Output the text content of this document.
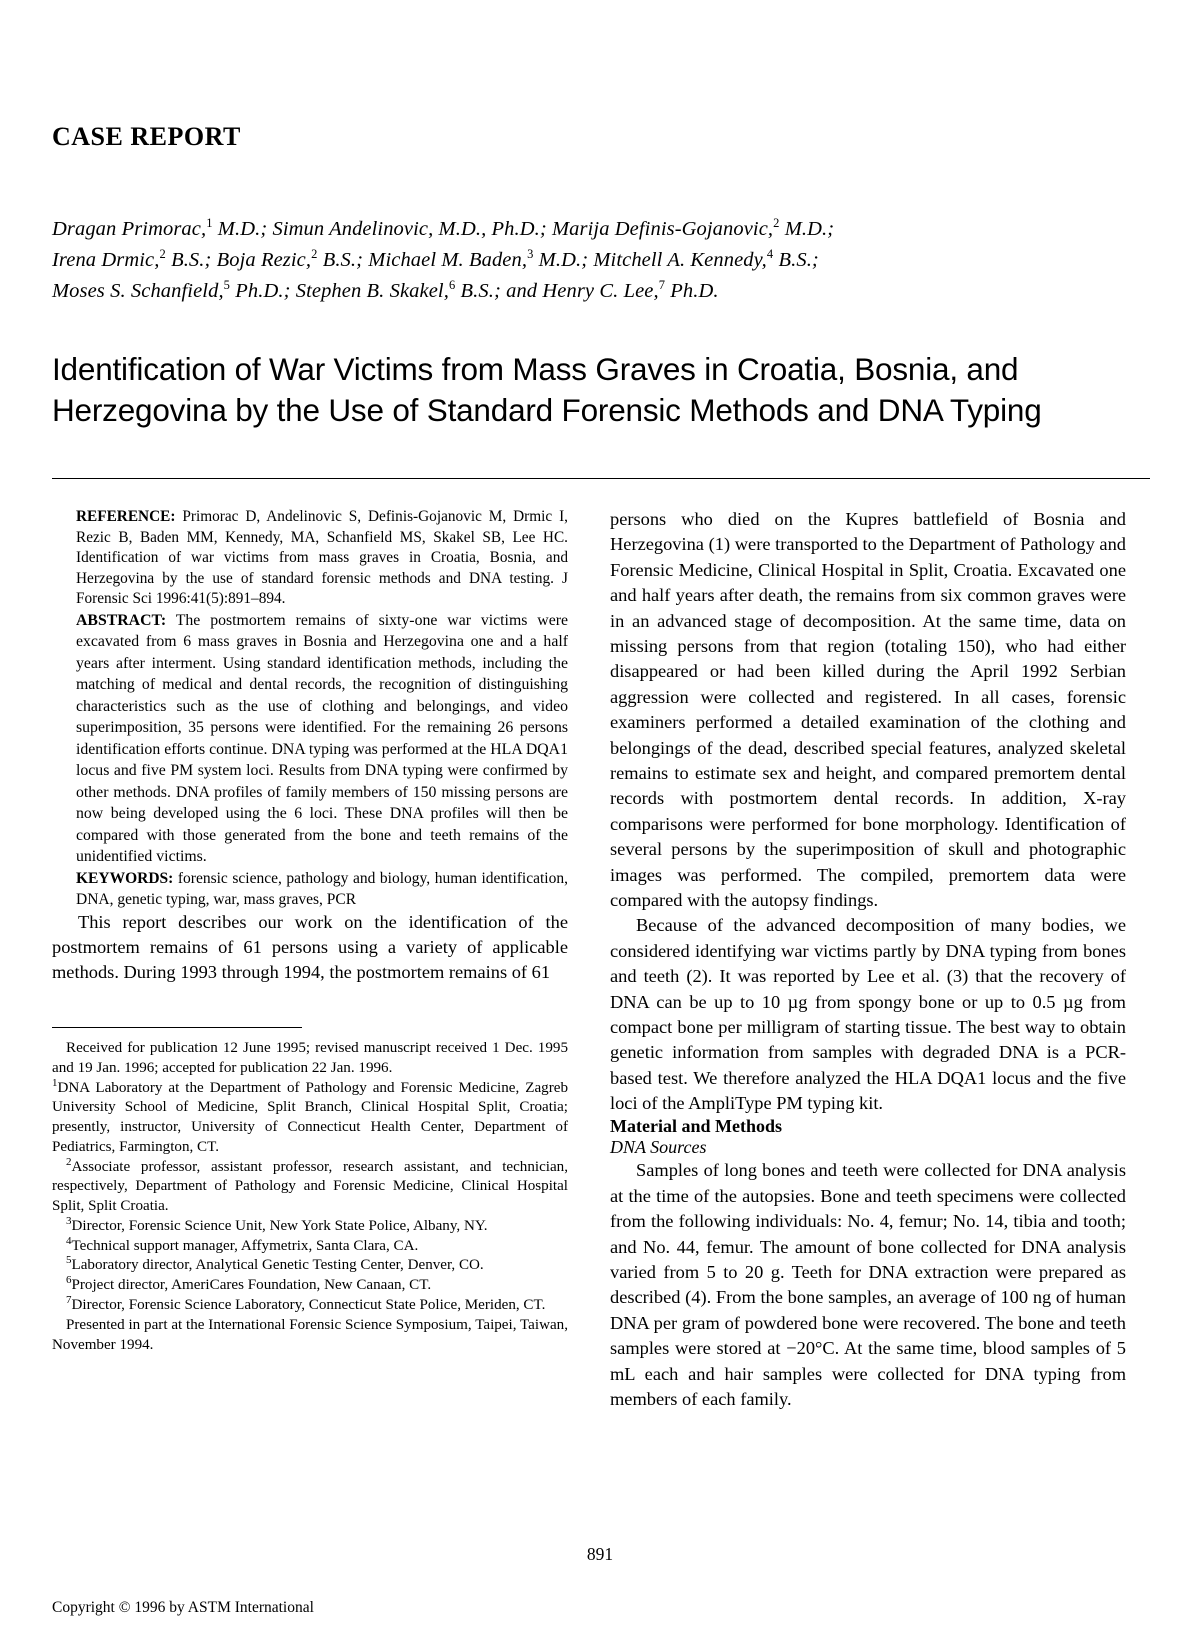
CASE REPORT
Dragan Primorac,$^1$ M.D.; Simun Andelinovic, M.D., Ph.D.; Marija Definis-Gojanovic,$^2$ M.D.;
Irena Drmic,$^2$ B.S.; Boja Rezic,$^2$ B.S.; Michael M. Baden,$^3$ M.D.; Mitchell A. Kennedy,$^4$ B.S.;
Moses S. Schanfield,$^5$ Ph.D.; Stephen B. Skakel,$^6$ B.S.; and Henry C. Lee,$^7$ Ph.D.
Identification of War Victims from Mass Graves in Croatia, Bosnia, and Herzegovina by the Use of Standard Forensic Methods and DNA Typing

REFERENCE: Primorac D, Andelinovic S, Definis-Gojanovic M, Drmic I, Rezic B, Baden MM, Kennedy, MA, Schanfield MS, Skakel SB, Lee HC. Identification of war victims from mass graves in Croatia, Bosnia, and Herzegovina by the use of standard forensic methods and DNA testing. J Forensic Sci 1996:41(5):891–894.

ABSTRACT: The postmortem remains of sixty-one war victims were excavated from 6 mass graves in Bosnia and Herzegovina one and a half years after interment. Using standard identification methods, including the matching of medical and dental records, the recognition of distinguishing characteristics such as the use of clothing and belongings, and video superimposition, 35 persons were identified. For the remaining 26 persons identification efforts continue. DNA typing was performed at the HLA DQA1 locus and five PM system loci. Results from DNA typing were confirmed by other methods. DNA profiles of family members of 150 missing persons are now being developed using the 6 loci. These DNA profiles will then be compared with those generated from the bone and teeth remains of the unidentified victims.

KEYWORDS: forensic science, pathology and biology, human identification, DNA, genetic typing, war, mass graves, PCR

This report describes our work on the identification of the postmortem remains of 61 persons using a variety of applicable methods. During 1993 through 1994, the postmortem remains of 61

Received for publication 12 June 1995; revised manuscript received 1 Dec. 1995 and 19 Jan. 1996; accepted for publication 22 Jan. 1996.

$^1$DNA Laboratory at the Department of Pathology and Forensic Medicine, Zagreb University School of Medicine, Split Branch, Clinical Hospital Split, Croatia; presently, instructor, University of Connecticut Health Center, Department of Pediatrics, Farmington, CT.

$^2$Associate professor, assistant professor, research assistant, and technician, respectively, Department of Pathology and Forensic Medicine, Clinical Hospital Split, Split Croatia.

$^3$Director, Forensic Science Unit, New York State Police, Albany, NY.

$^4$Technical support manager, Affymetrix, Santa Clara, CA.

$^5$Laboratory director, Analytical Genetic Testing Center, Denver, CO.

$^6$Project director, AmeriCares Foundation, New Canaan, CT.

$^7$Director, Forensic Science Laboratory, Connecticut State Police, Meriden, CT.

Presented in part at the International Forensic Science Symposium, Taipei, Taiwan, November 1994.

persons who died on the Kupres battlefield of Bosnia and Herzegovina (1) were transported to the Department of Pathology and Forensic Medicine, Clinical Hospital in Split, Croatia. Excavated one and half years after death, the remains from six common graves were in an advanced stage of decomposition. At the same time, data on missing persons from that region (totaling 150), who had either disappeared or had been killed during the April 1992 Serbian aggression were collected and registered. In all cases, forensic examiners performed a detailed examination of the clothing and belongings of the dead, described special features, analyzed skeletal remains to estimate sex and height, and compared premortem dental records with postmortem dental records. In addition, X-ray comparisons were performed for bone morphology. Identification of several persons by the superimposition of skull and photographic images was performed. The compiled, premortem data were compared with the autopsy findings.

Because of the advanced decomposition of many bodies, we considered identifying war victims partly by DNA typing from bones and teeth (2). It was reported by Lee et al. (3) that the recovery of DNA can be up to 10 µg from spongy bone or up to 0.5 µg from compact bone per milligram of starting tissue. The best way to obtain genetic information from samples with degraded DNA is a PCR-based test. We therefore analyzed the HLA DQA1 locus and the five loci of the AmpliType PM typing kit.

Material and Methods

DNA Sources

Samples of long bones and teeth were collected for DNA analysis at the time of the autopsies. Bone and teeth specimens were collected from the following individuals: No. 4, femur; No. 14, tibia and tooth; and No. 44, femur. The amount of bone collected for DNA analysis varied from 5 to 20 g. Teeth for DNA extraction were prepared as described (4). From the bone samples, an average of 100 ng of human DNA per gram of powdered bone were recovered. The bone and teeth samples were stored at −20°C. At the same time, blood samples of 5 mL each and hair samples were collected for DNA typing from members of each family.

891
Copyright © 1996 by ASTM International
